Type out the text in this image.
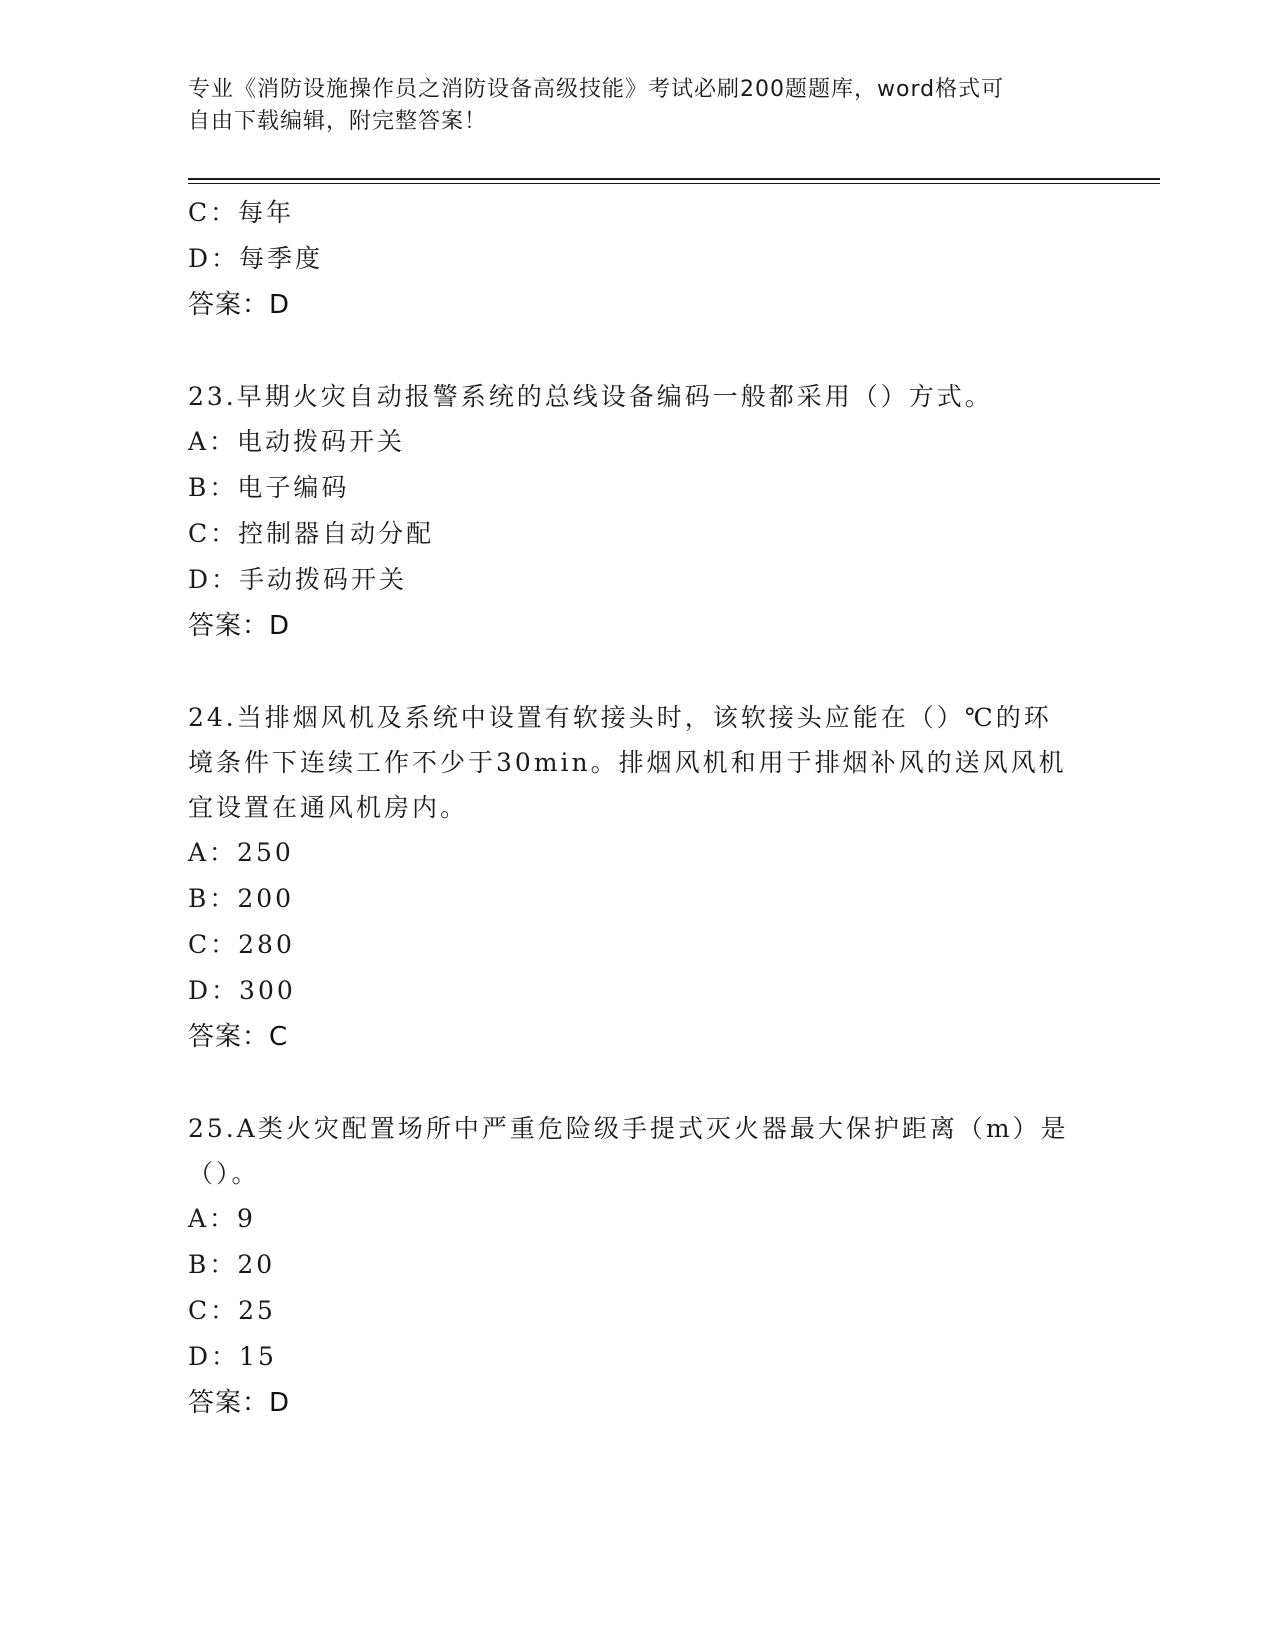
专业《消防设施操作员之消防设备高级技能》考试必刷200题题库，word格式可
自由下载编辑，附完整答案！
C：每年
D：每季度
答案：D
23.早期火灾自动报警系统的总线设备编码一般都采用（）方式。
A：电动拨码开关
B：电子编码
C：控制器自动分配
D：手动拨码开关
答案：D
24.当排烟风机及系统中设置有软接头时，该软接头应能在（）℃的环
境条件下连续工作不少于30min。排烟风机和用于排烟补风的送风风机
宜设置在通风机房内。
A：250
B：200
C：280
D：300
答案：C
25.A类火灾配置场所中严重危险级手提式灭火器最大保护距离（m）是
（）。
A：9
B：20
C：25
D：15
答案：D
